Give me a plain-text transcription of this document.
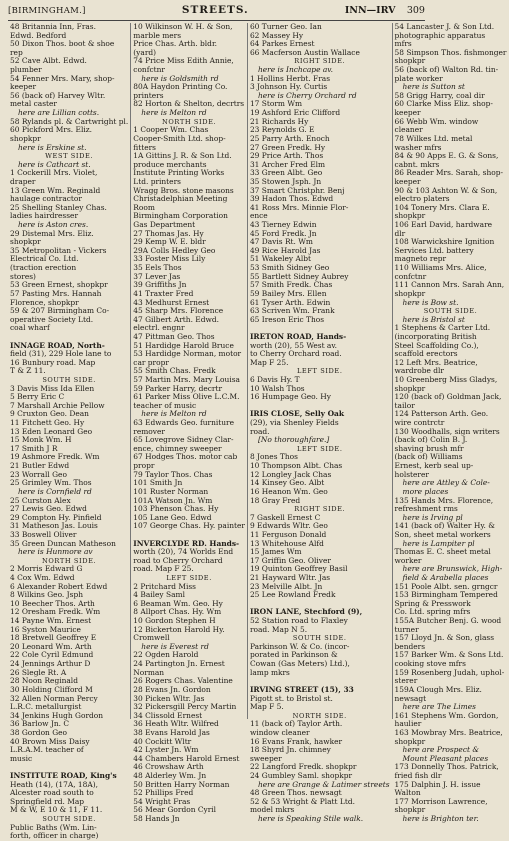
[BIRMINGHAM.]	STREETS.	INN—IRV 309
48 Britannia Inn, Fras.
Edwd. Bedford
50 Dixon Thos. boot & shoe
rep
52 Cave Albt. Edwd.
plumber
54 Fenner Mrs. Mary, shop-
keeper
56 (back of) Harvey Wltr.
metal caster
here are Lillian cotts.
58 Rylands pl. & Cartwright pl.
60 Pickford Mrs. Eliz.
shopkpr
here is Erskine st.
WEST SIDE.
here is Cathcart st.
1 Cockerill Mrs. Violet,
draper
13 Green Wm. Reginald
haulage contractor
25 Shelling Stanley Chas.
ladies hairdresser
here is Aston cres.
29 Distemal Mrs. Eliz.
shopkpr
35 Metropolitan - Vickers
Electrical Co. Ltd.
(traction erection
stores)
53 Green Ernest, shopkpr
57 Pasting Mrs. Hannah
Florence, shopkpr
59 & 207 Birmingham Co-
operative Society Ltd.
coal wharf
INNAGE ROAD, North-
field (31), 229 Hole lane to
16 Bunbury road. Map
T & Z 11.
SOUTH SIDE.
3 Davis Miss Ida Ellen
5 Berry Eric C
7 Marshall Archie Pellow
9 Cruxton Geo. Dean
11 Fitchett Geo. Hy
13 Eden Leonard Geo
15 Monk Wm. H
17 Smith J R
19 Ashmore Fredk. Wm
21 Butler Edwd
23 Worrall Geo
25 Grimley Wm. Thos
here is Cornfield rd
25 Curston Alex
27 Lewis Geo. Edwd
29 Compton Hy. Pinfield
31 Matheson Jas. Louis
33 Boswell Oliver
35 Green Duncan Matheson
here is Hunmore av
NORTH SIDE.
2 Morris Edward G
4 Cox Wm. Edwd
6 Alexander Robert Edwd
8 Wilkins Geo. Jsph
10 Beecher Thos. Arth
12 Oresham Fredk. Wm
14 Payne Wm. Ernest
16 Syston Maurice
18 Bretwell Geoffrey E
20 Leonard Wm. Arth
22 Cole Cyril Edmund
24 Jennings Arthur D
26 Slegle Rt. A
28 Noon Reginald
30 Holding Clifford M
32 Allen Norman Percy
L.R.C. metallurgist
34 Jenkins Hugh Gordon
36 Barlow Jn. C
38 Gordon Geo
40 Brown Miss Daisy
L.R.A.M. teacher of
music
INSTITUTE ROAD, King's
Heath (14), (17A, 18A),
Alcester road south to
Springfield rd. Map
M & W, E 10 & 11, F 11.
SOUTH SIDE.
Public Baths (Wm. Lin-
forth, officer in charge)
10 Wilkinson W. H. & Son,
marble mers
Price Chas. Arth. bldr.
(yard)
74 Price Miss Edith Annie,
confctnr
here is Goldsmith rd
80A Haydon Printing Co.
printers
82 Horton & Shelton, decrtrs
here is Melton rd
NORTH SIDE.
1 Cooper Wm. Chas
Cooper-Smith Ltd. shop-
fitters
1A Gittins J. R. & Son Ltd.
produce merchants
Institute Printing Works
Ltd. printers
Wragg Bros. stone masons
Christadelphian Meeting
Room
Birmingham Corporation
Gas Department
27 Thomas Jas. Hy
29 Kemp W. E. bldr
29A Colls Hedley Geo
33 Foster Miss Lily
35 Eels Thos
37 Lever Jas
39 Griffiths Jn
41 Traxter Fred
43 Medhurst Ernest
45 Sharp Mrs. Florence
47 Gilbert Arth. Edwd.
electrl. engnr
47 Pittman Geo. Thos
51 Hardidge Harold Bruce
53 Hardidge Norman, motor
car propr
55 Smith Chas. Fredk
57 Martin Mrs. Mary Louisa
59 Parker Harry, decrtr
61 Parker Miss Olive L.C.M.
teacher of music
here is Melton rd
63 Edwards Geo. furniture
remover
65 Lovegrove Sidney Clar-
ence, chimney sweeper
67 Hodges Thos. motor cab
propr
79 Taylor Thos. Chas
101 Smith Jn
101 Ruster Norman
101A Watson Jn. Wm
103 Phenson Chas. Hy
105 Lane Geo. Edwd
107 George Chas. Hy. painter
INVERCLYDE RD. Hands-
worth (20), 74 Worlds End
road to Cherry Orchard
road. Map F 25.
LEFT SIDE.
2 Pritchard Miss
4 Bailey Saml
6 Beaman Wm. Geo. Hy
8 Allport Chas. Hy. Wm
10 Gordon Stephen H
12 Bickerton Harold Hy.
Cromwell
here is Everest rd
22 Ogden Harold
24 Partington Jn. Ernest
Norman
26 Rogers Chas. Valentine
28 Evans Jn. Gordon
30 Picken Wltr. Jas
32 Pickersgill Percy Martin
34 Clissold Ernest
36 Heath Wltr. Wilfred
38 Evans Harold Jas
40 Cockitt Wltr
42 Lyster Jn. Wm
44 Chambers Harold Ernest
46 Crowshaw Arth
48 Alderley Wm. Jn
50 Britten Harry Norman
52 Phillips Fred
54 Wright Fras
56 Mear Gordon Cyril
58 Hands Jn
60 Turner Geo. Ian
62 Massey Hy
64 Parkes Ernest
66 Macferson Austin Wallace
RIGHT SIDE.
here is Inchcape av.
1 Hollins Herbt. Fras
3 Johnson Hy. Curtis
here is Cherry Orchard rd
17 Storm Wm
19 Ashford Eric Clifford
21 Richards Hy
23 Reynolds G. E
25 Parry Arth. Enoch
27 Green Fredk. Hy
29 Price Arth. Thos
31 Archer Fred Elm
33 Green Albt. Geo
35 Stowen Jsph. Jn
37 Smart Christphr. Benj
39 Hadon Thos. Edwd
41 Ross Mrs. Minnie Flor-
ence
43 Tierney Edwin
45 Ford Fredk. Jn
47 Davis Rt. Wm
49 Rice Harold Jas
51 Wakeley Albt
53 Smith Sidney Geo
55 Bartlett Sidney Aubrey
57 Smith Fredk. Chas
59 Bailey Mrs. Ellen
61 Tyser Arth. Edwin
63 Scriven Wm. Frank
65 Ireson Eric Thos
IRETON ROAD, Hands-
worth (20), 55 West av.
to Cherry Orchard road.
Map F 25.
LEFT SIDE.
6 Davis Hy. T
10 Walsh Thos
16 Humpage Geo. Hy
IRIS CLOSE, Selly Oak
(29), via Shenley Fields
road.
[No thoroughfare.]
LEFT SIDE.
8 Jones Thos
10 Thompson Albt. Chas
12 Longley Jack Chas
14 Kinsey Geo. Albt
16 Heanon Wm. Geo
18 Gray Fred
RIGHT SIDE.
7 Gaskell Ernest C
9 Edwards Wltr. Geo
11 Ferguson Donald
13 Whitehouse Alfd
15 James Wm
17 Griffin Geo. Oliver
19 Quinton Geoffrey Basil
21 Hayward Wltr. Jas
23 Melville Albt. Jn
25 Lee Rowland Fredk
IRON LANE, Stechford (9),
52 Station road to Flaxley
road. Map N 5.
SOUTH SIDE.
Parkinson W. & Co. (incor-
porated in Parkinson &
Cowan (Gas Meters) Ltd.),
lamp mkrs
IRVING STREET (15), 33
Pigott st. to Bristol st.
Map F 5.
NORTH SIDE.
11 (back of) Taylor Arth.
window cleaner
16 Evans Frank, hawker
18 Shyrd Jn. chimney
sweeper
22 Langford Fredk. shopkpr
24 Gumbley Saml. shopkpr
here are Grange & Latimer streets
48 Green Thos. newsagt
52 & 53 Wright & Platt Ltd.
model mkrs
here is Speaking Stile walk.
54 Lancaster J. & Son Ltd.
photographic apparatus
mfrs
58 Simpson Thos. fishmonger
shopkpr
56 (back of) Walton Rd. tin-
plate worker
here is Sutton st
58 Grigg Harry, coal dir
60 Clarke Miss Eliz. shop-
keeper
66 Webb Wm. window
cleaner
78 Wilkes Ltd. metal
washer mfrs
84 & 90 Apps E. G. & Sons,
cabnt. mkrs
86 Reader Mrs. Sarah, shop-
keeper
90 & 103 Ashton W. & Son,
electro platers
104 Tonery Mrs. Clara E.
shopkpr
106 Earl David, hardware
dlr
108 Warwickshire Ignition
Services Ltd. battery
magneto repr
110 Williams Mrs. Alice,
confctnr
111 Cannon Mrs. Sarah Ann,
shopkpr
here is Bow st.
SOUTH SIDE.
here is Bristol st
1 Stephens & Carter Ltd.
(incorporating British
Steel Scaffolding Co.),
scaffold erectors
12 Left Mrs. Beatrice,
wardrobe dlr
10 Greenberg Miss Gladys,
shopkpr
120 (back of) Goldman Jack,
tailor
124 Patterson Arth. Geo.
wire contrctr
130 Woodhalls, sign writers
(back of) Colin B. J.
shaving brush mfr
(back of) Williams
Ernest, kerb seal up-
holsterer
here are Attley & Cole-
more places
135 Hands Mrs. Florence,
refreshment rms
here is Irving pl
141 (back of) Walter Hy. &
Son, sheet metal workers
here is Lampiter pl
Thomas E. C. sheet metal
worker
here are Brunswick, High-
field & Arabella places
151 Poole Albt. sen. grngcr
153 Birmingham Tempered
Spring & Presswork
Co. Ltd. spring mfrs
155A Butcher Benj. G. wood
turner
157 Lloyd Jn. & Son, glass
benders
157 Barker Wm. & Sons Ltd.
cooking stove mfrs
159 Rosenberg Judah, uphol-
sterer
159A Clough Mrs. Eliz.
newsagt
here are The Limes
161 Stephens Wm. Gordon,
haulier
163 Mowbray Mrs. Beatrice,
shopkpr
here are Prospect &
Mount Pleasant places
173 Donnelly Thos. Patrick,
fried fish dlr
175 Dalphin J. H. issue
Walton
177 Morrison Lawrence,
shopkpr
here is Brighton ter.
